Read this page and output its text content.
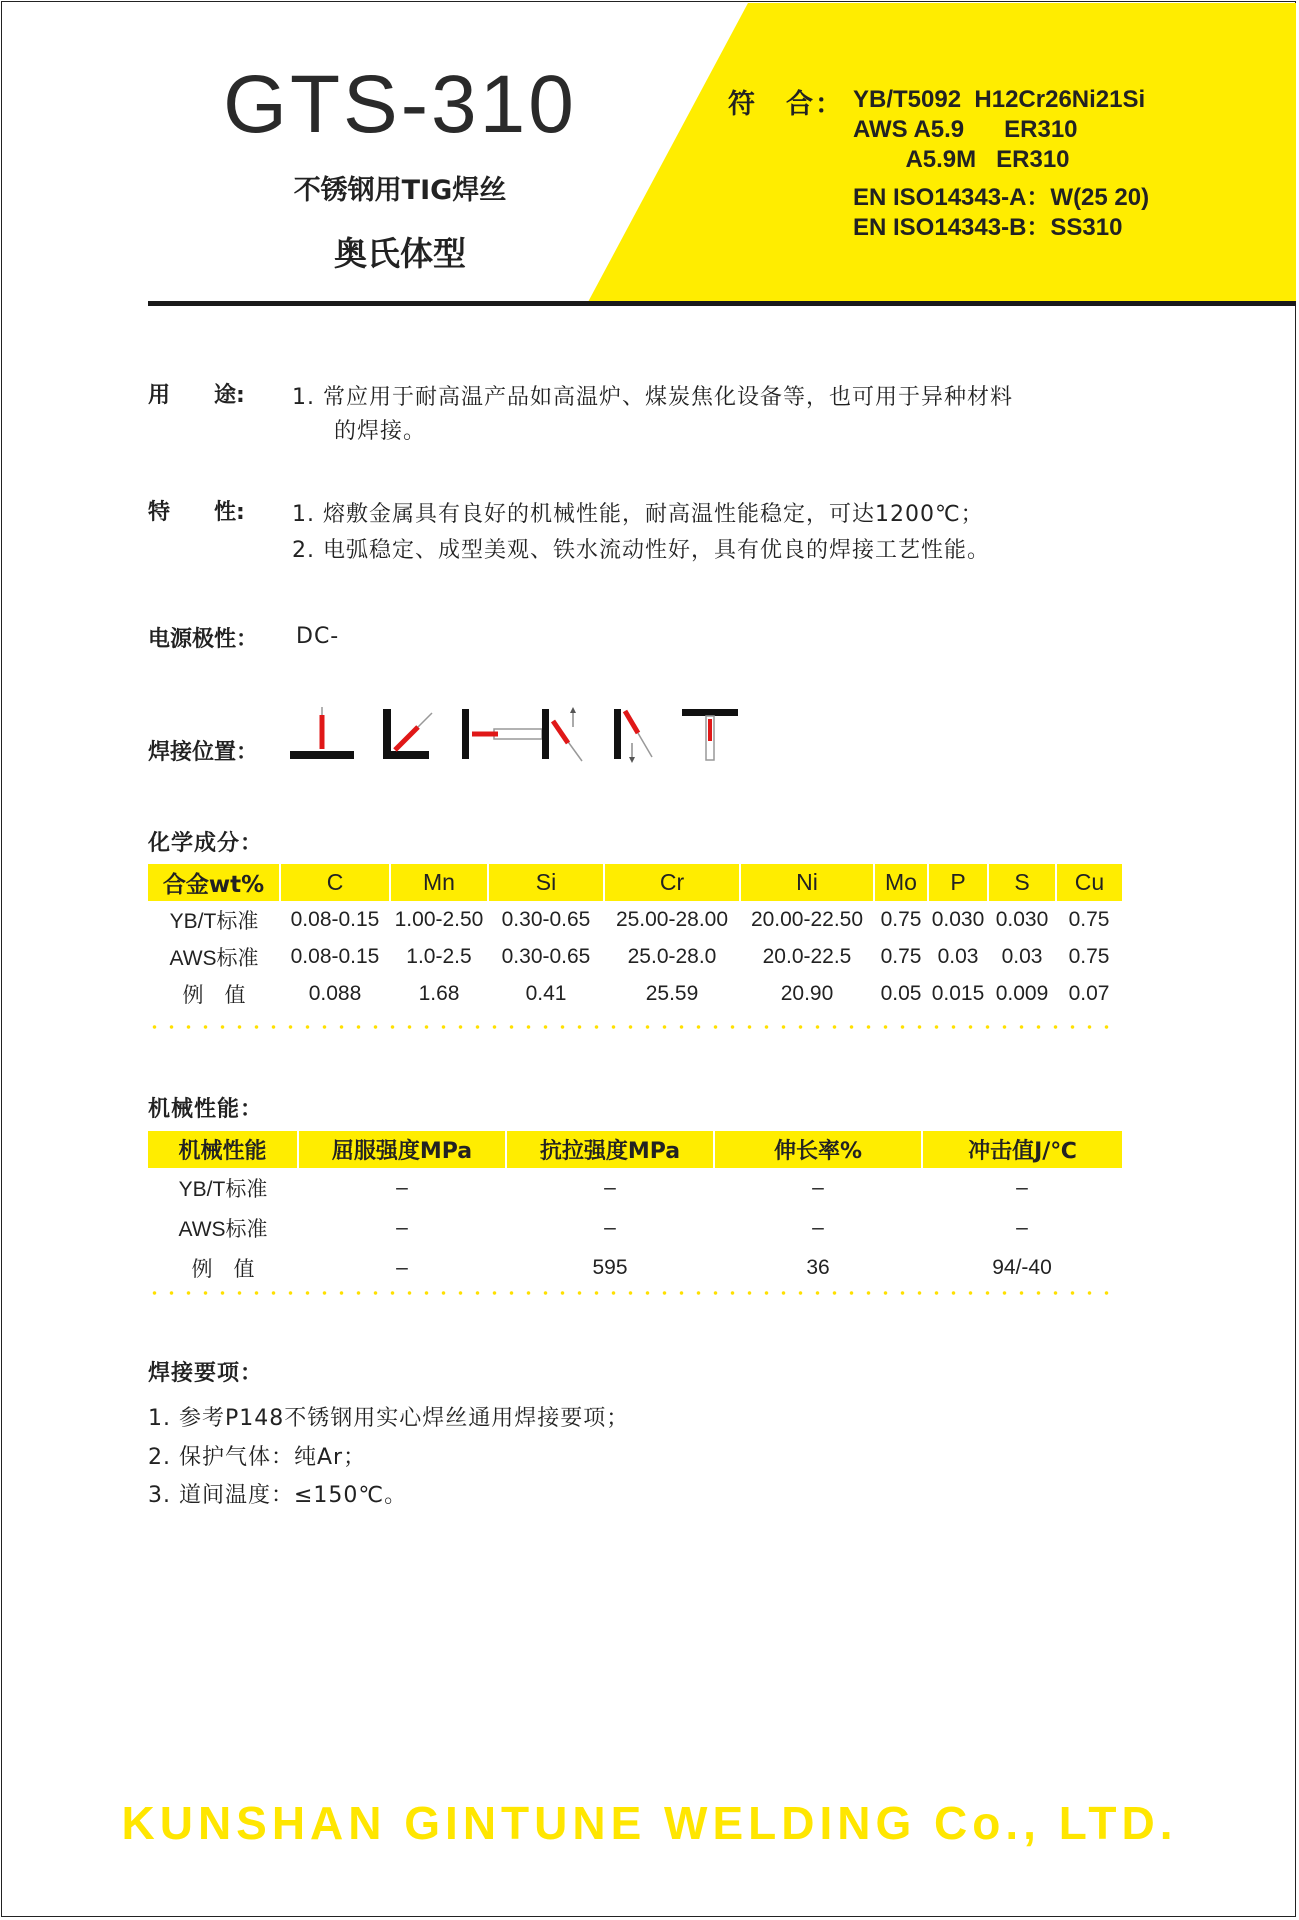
GTS-310
不锈钢用TIG焊丝
奥氏体型
符　合： YB/T5092  H12Cr26Ni21Si
AWS A5.9      ER310
A5.9M   ER310
EN ISO14343-A：W(25 20)
EN ISO14343-B：SS310
用　　途: 1. 常应用于耐高温产品如高温炉、煤炭焦化设备等，也可用于异种材料
的焊接。
特　　性: 1. 熔敷金属具有良好的机械性能，耐高温性能稳定，可达1200℃；
2. 电弧稳定、成型美观、铁水流动性好，具有优良的焊接工艺性能。
电源极性： DC-
焊接位置：
化学成分：
合金wt%	C	Mn	Si	Cr	Ni	Mo	P	S	Cu
YB/T标准	0.08-0.15	1.00-2.50	0.30-0.65	25.00-28.00	20.00-22.50	0.75	0.030	0.030	0.75
AWS标准	0.08-0.15	1.0-2.5	0.30-0.65	25.0-28.0	20.0-22.5	0.75	0.03	0.03	0.75
例　值	0.088	1.68	0.41	25.59	20.90	0.05	0.015	0.009	0.07
机械性能：
机械性能	屈服强度MPa	抗拉强度MPa	伸长率%	冲击值J/℃
YB/T标准	–	–	–	–
AWS标准	–	–	–	–
例　值	–	595	36	94/-40
焊接要项：
1. 参考P148不锈钢用实心焊丝通用焊接要项；
2. 保护气体：纯Ar；
3. 道间温度：≤150℃。
KUNSHAN GINTUNE WELDING Co., LTD.
